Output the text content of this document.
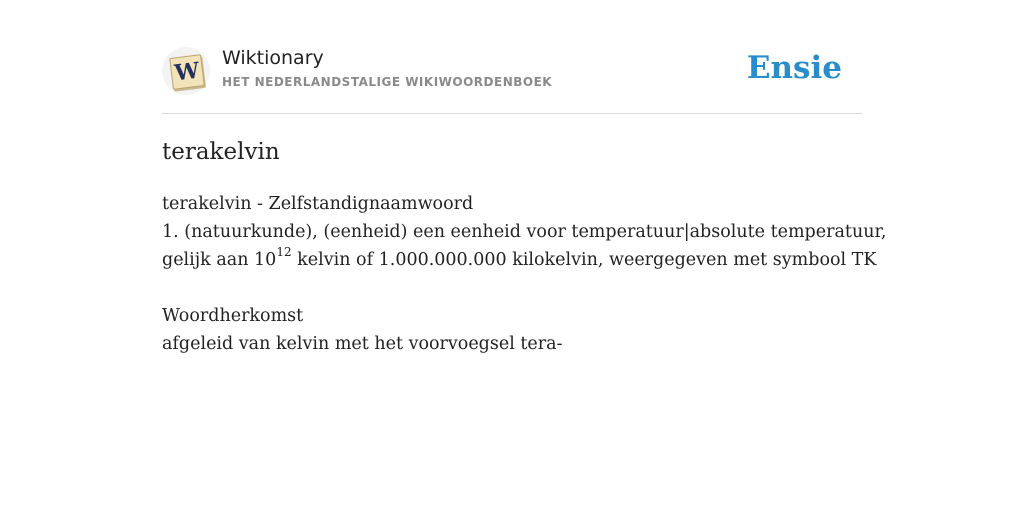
W Wiktionary
HET NEDERLANDSTALIGE WIKIWOORDENBOEK	Ensie
terakelvin

terakelvin - Zelfstandignaamwoord

1. (natuurkunde), (eenheid) een eenheid voor temperatuur|absolute temperatuur,

gelijk aan $10^{12}$ kelvin of 1.000.000.000 kilokelvin, weergegeven met symbool TK

Woordherkomst

afgeleid van kelvin met het voorvoegsel tera-
